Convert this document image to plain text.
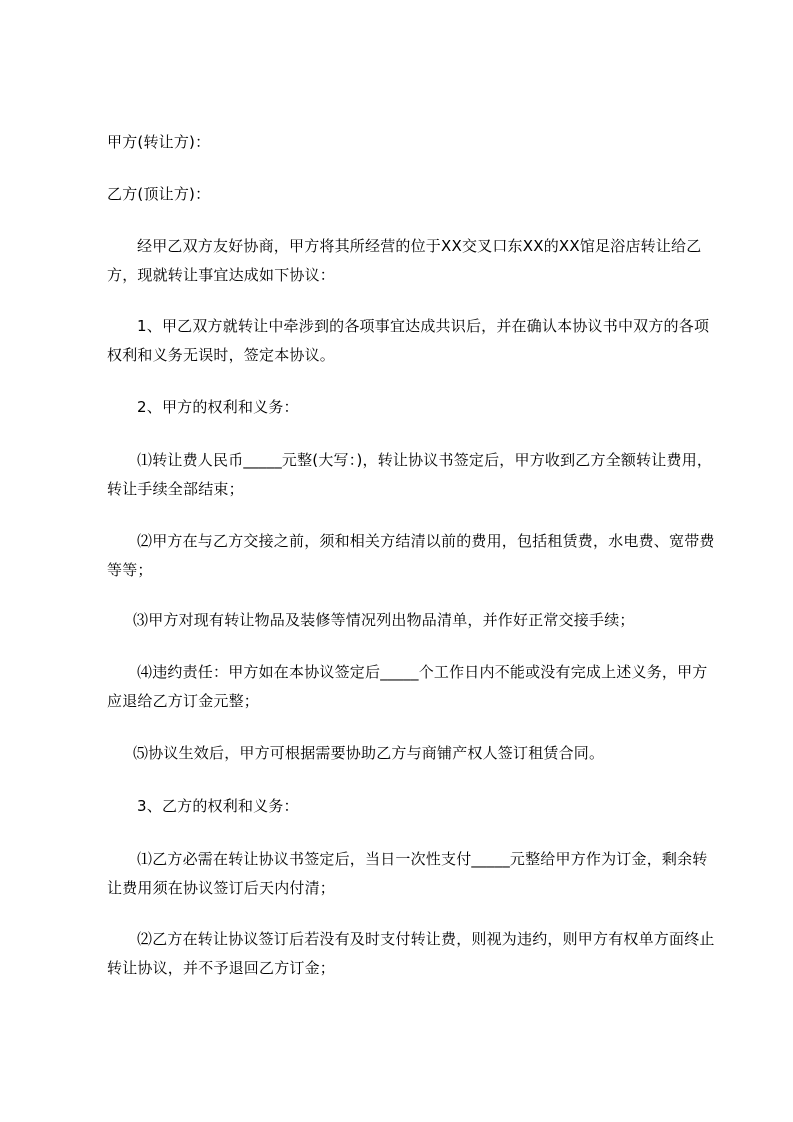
甲方(转让方)：
乙方(顶让方)：
经甲乙双方友好协商，甲方将其所经营的位于XX交叉口东XX的XX馆足浴店转让给乙方，现就转让事宜达成如下协议：
1、甲乙双方就转让中牵涉到的各项事宜达成共识后，并在确认本协议书中双方的各项权利和义务无误时，签定本协议。
2、甲方的权利和义务：
⑴转让费人民币_____元整(大写：)，转让协议书签定后，甲方收到乙方全额转让费用，转让手续全部结束；
⑵甲方在与乙方交接之前，须和相关方结清以前的费用，包括租赁费，水电费、宽带费等等；
⑶甲方对现有转让物品及装修等情况列出物品清单，并作好正常交接手续；
⑷违约责任：甲方如在本协议签定后_____个工作日内不能或没有完成上述义务，甲方应退给乙方订金元整；
⑸协议生效后，甲方可根据需要协助乙方与商铺产权人签订租赁合同。
3、乙方的权利和义务：
⑴乙方必需在转让协议书签定后，当日一次性支付_____元整给甲方作为订金，剩余转让费用须在协议签订后天内付清；
⑵乙方在转让协议签订后若没有及时支付转让费，则视为违约，则甲方有权单方面终止转让协议，并不予退回乙方订金；
